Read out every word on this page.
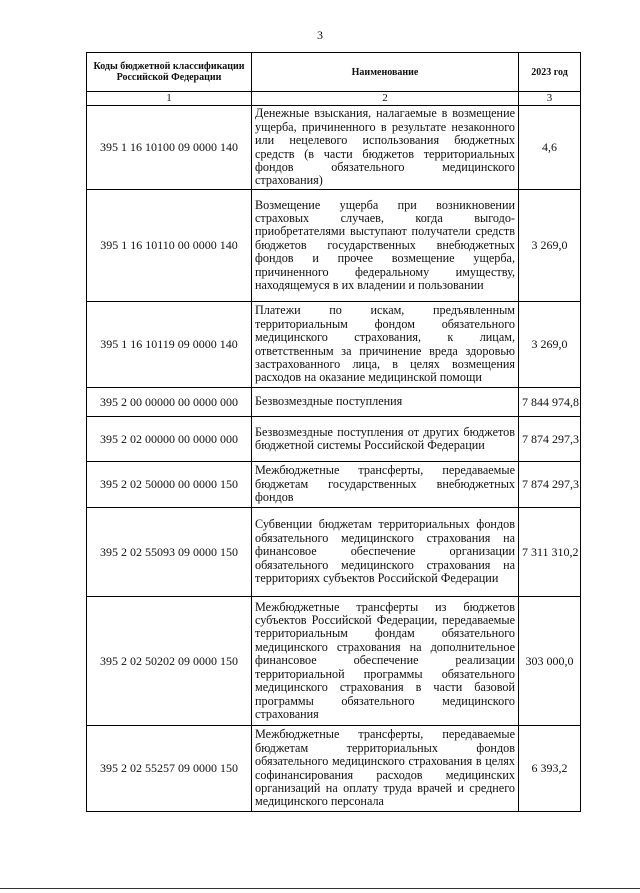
3
Коды бюджетной классификации Российской Федерации	Наименование	2023 год
1	2	3
395 1 16 10100 09 0000 140	Денежные взыскания, налагаемые в возмещение ущерба, причиненного в результате незаконного или нецелевого использования бюджетных средств (в части бюджетов территориальных фондов обязательного медицинского страхования)	4,6
395 1 16 10110 00 0000 140	Возмещение ущерба при возникновении страховых случаев, когда выгодо-приобретателями выступают получатели средств бюджетов государственных внебюджетных фондов и прочее возмещение ущерба, причиненного федеральному имуществу, находящемуся в их владении и пользовании	3 269,0
395 1 16 10119 09 0000 140	Платежи по искам, предъявленным территориальным фондом обязательного медицинского страхования, к лицам, ответственным за причинение вреда здоровью застрахованного лица, в целях возмещения расходов на оказание медицинской помощи	3 269,0
395 2 00 00000 00 0000 000	Безвозмездные поступления	7 844 974,8
395 2 02 00000 00 0000 000	Безвозмездные поступления от других бюджетов бюджетной системы Российской Федерации	7 874 297,3
395 2 02 50000 00 0000 150	Межбюджетные трансферты, передаваемые бюджетам государственных внебюджетных фондов	7 874 297,3
395 2 02 55093 09 0000 150	Субвенции бюджетам территориальных фондов обязательного медицинского страхования на финансовое обеспечение организации обязательного медицинского страхования на территориях субъектов Российской Федерации	7 311 310,2
395 2 02 50202 09 0000 150	Межбюджетные трансферты из бюджетов субъектов Российской Федерации, передаваемые территориальным фондам обязательного медицинского страхования на дополнительное финансовое обеспечение реализации территориальной программы обязательного медицинского страхования в части базовой программы обязательного медицинского страхования	303 000,0
395 2 02 55257 09 0000 150	Межбюджетные трансферты, передаваемые бюджетам территориальных фондов обязательного медицинского страхования в целях софинансирования расходов медицинских организаций на оплату труда врачей и среднего медицинского персонала	6 393,2
